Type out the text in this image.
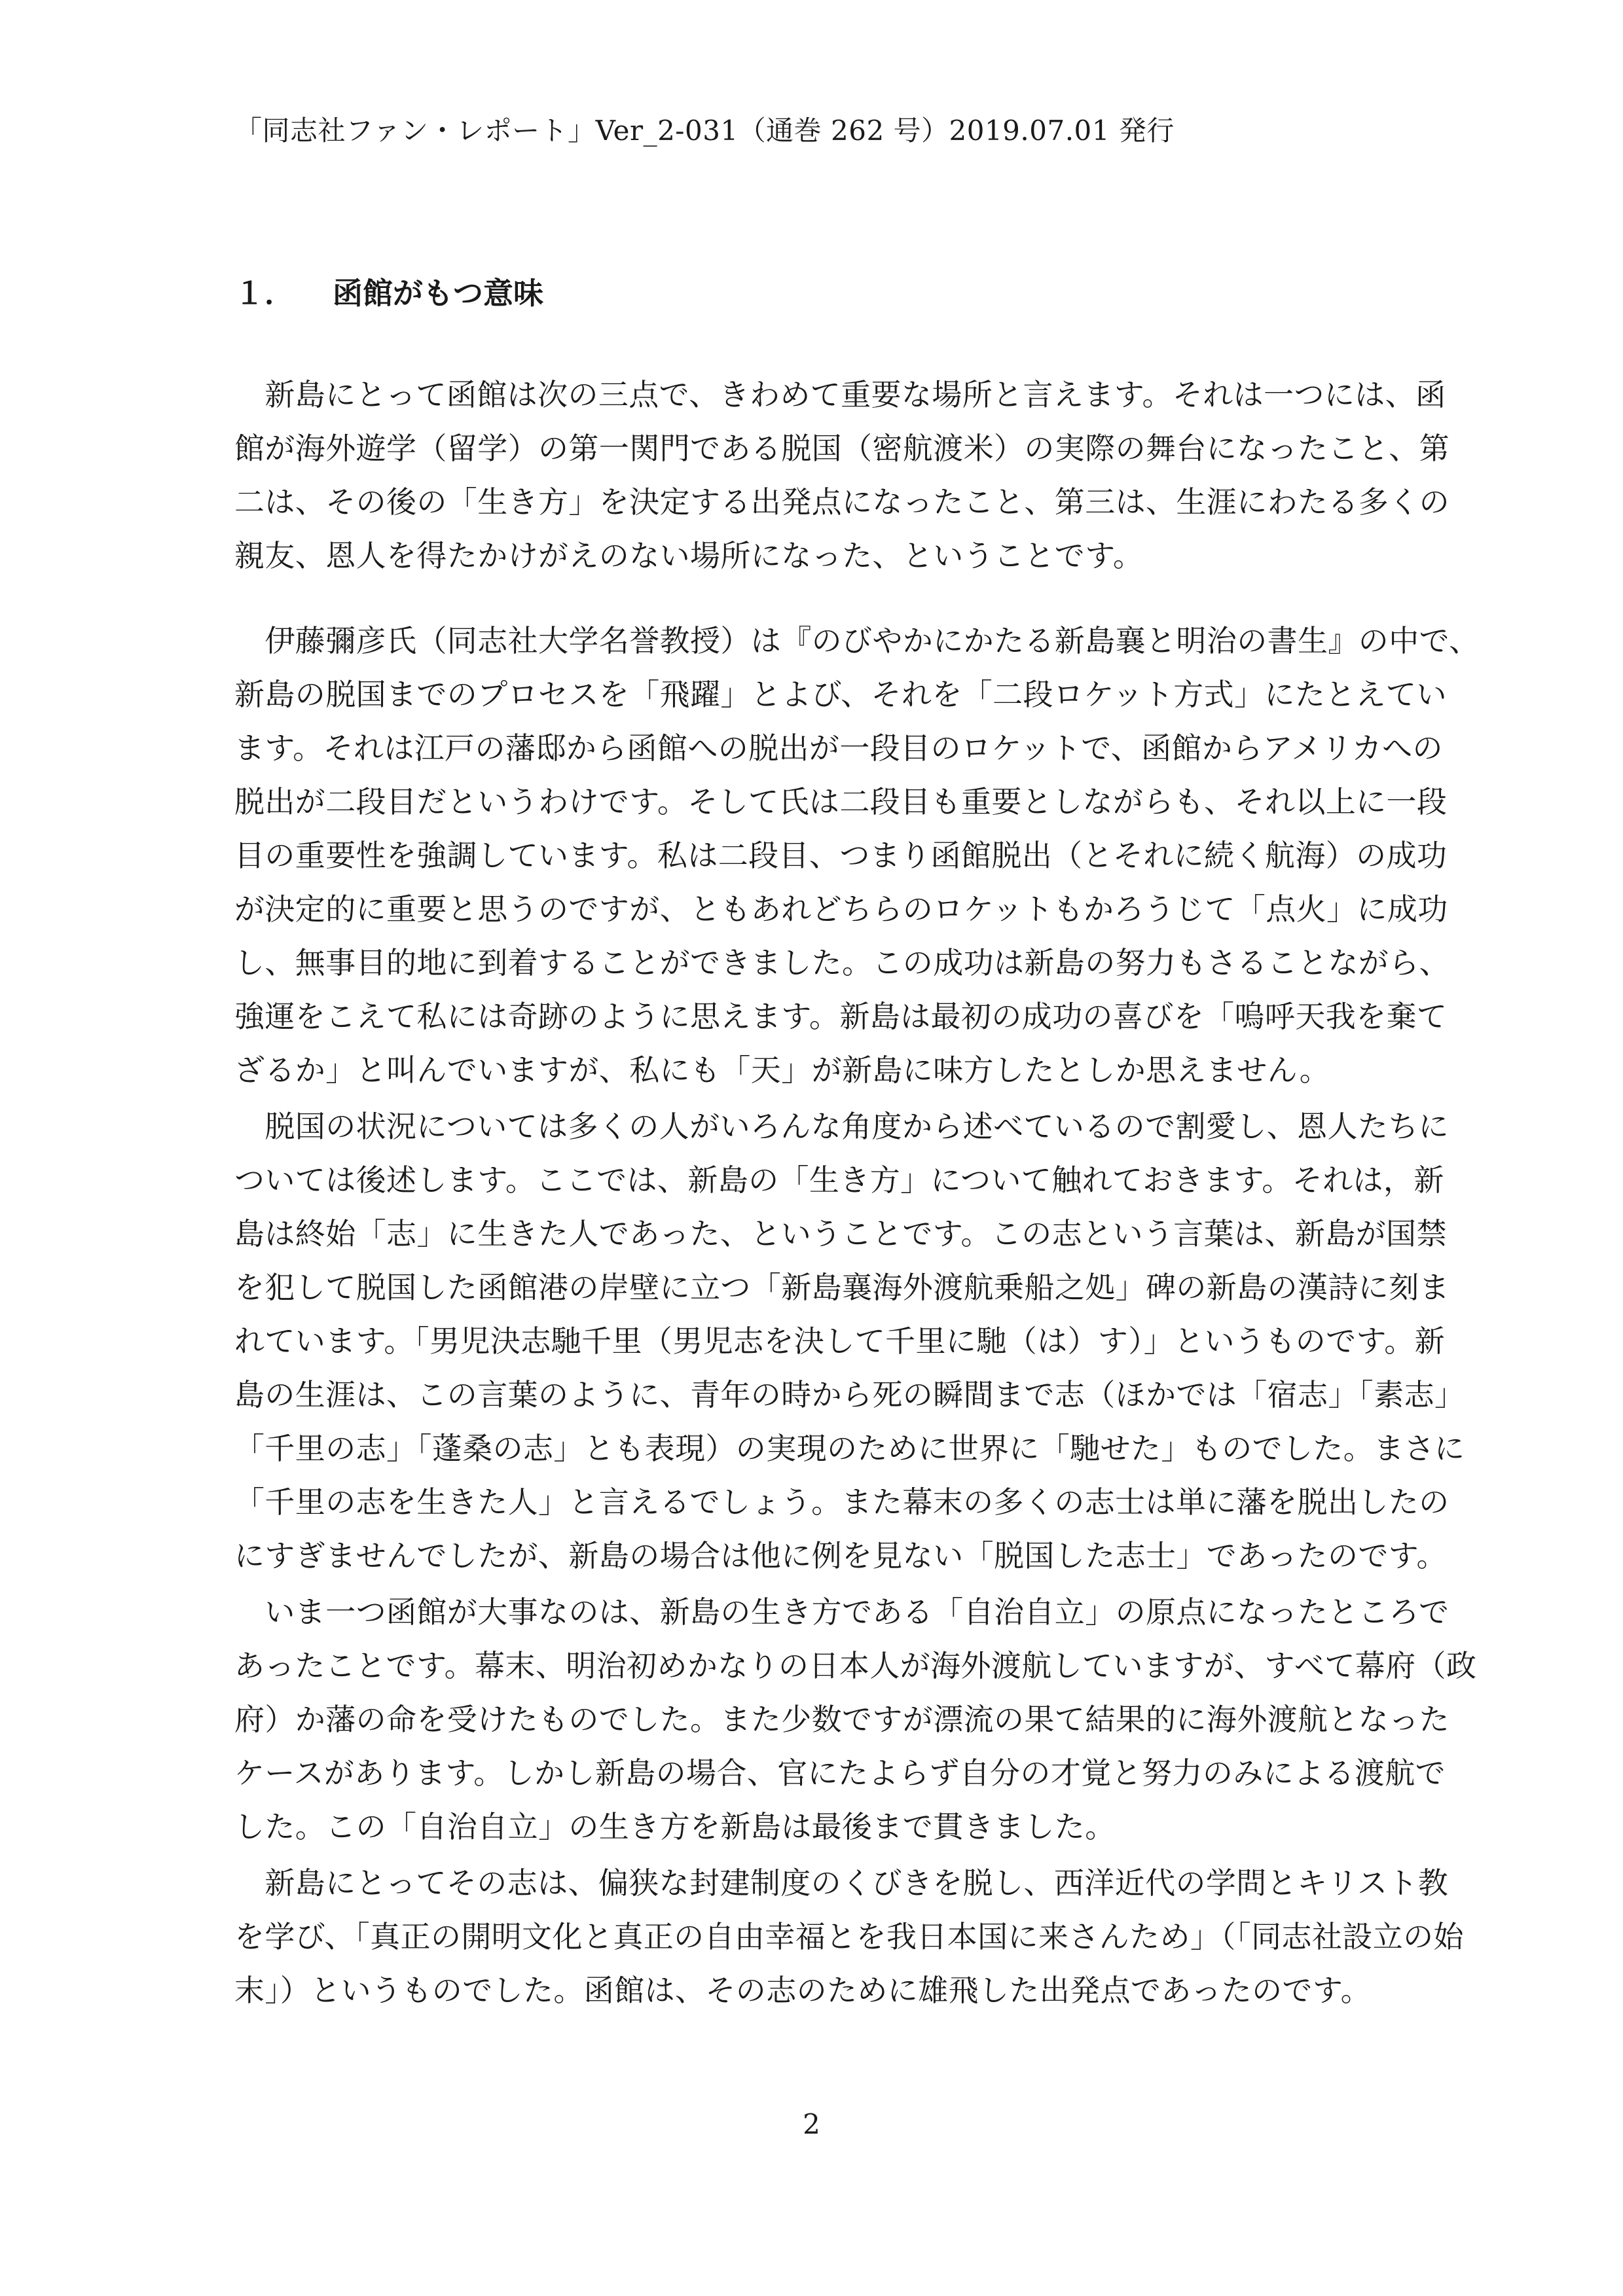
「同志社ファン・レポート」Ver_2-031（通巻 262 号）2019.07.01 発行
１． 函館がもつ意味
　新島にとって函館は次の三点で、きわめて重要な場所と言えます。それは一つには、函
館が海外遊学（留学）の第一関門である脱国（密航渡米）の実際の舞台になったこと、第
二は、その後の「生き方」を決定する出発点になったこと、第三は、生涯にわたる多くの
親友、恩人を得たかけがえのない場所になった、ということです。
　伊藤彌彦氏（同志社大学名誉教授）は『のびやかにかたる新島襄と明治の書生』の中で、
新島の脱国までのプロセスを「飛躍」とよび、それを「二段ロケット方式」にたとえてい
ます。それは江戸の藩邸から函館への脱出が一段目のロケットで、函館からアメリカへの
脱出が二段目だというわけです。そして氏は二段目も重要としながらも、それ以上に一段
目の重要性を強調しています。私は二段目、つまり函館脱出（とそれに続く航海）の成功
が決定的に重要と思うのですが、ともあれどちらのロケットもかろうじて「点火」に成功
し、無事目的地に到着することができました。この成功は新島の努力もさることながら、
強運をこえて私には奇跡のように思えます。新島は最初の成功の喜びを「嗚呼天我を棄て
ざるか」と叫んでいますが、私にも「天」が新島に味方したとしか思えません。
　脱国の状況については多くの人がいろんな角度から述べているので割愛し、恩人たちに
ついては後述します。ここでは、新島の「生き方」について触れておきます。それは，新
島は終始「志」に生きた人であった、ということです。この志という言葉は、新島が国禁
を犯して脱国した函館港の岸壁に立つ「新島襄海外渡航乗船之処」碑の新島の漢詩に刻ま
れています。「男児決志馳千里（男児志を決して千里に馳（は）す）」というものです。新
島の生涯は、この言葉のように、青年の時から死の瞬間まで志（ほかでは「宿志」「素志」
「千里の志」「蓬桑の志」とも表現）の実現のために世界に「馳せた」ものでした。まさに
「千里の志を生きた人」と言えるでしょう。また幕末の多くの志士は単に藩を脱出したの
にすぎませんでしたが、新島の場合は他に例を見ない「脱国した志士」であったのです。
　いま一つ函館が大事なのは、新島の生き方である「自治自立」の原点になったところで
あったことです。幕末、明治初めかなりの日本人が海外渡航していますが、すべて幕府（政
府）か藩の命を受けたものでした。また少数ですが漂流の果て結果的に海外渡航となった
ケースがあります。しかし新島の場合、官にたよらず自分の才覚と努力のみによる渡航で
した。この「自治自立」の生き方を新島は最後まで貫きました。
　新島にとってその志は、偏狭な封建制度のくびきを脱し、西洋近代の学問とキリスト教
を学び、「真正の開明文化と真正の自由幸福とを我日本国に来さんため」（「同志社設立の始
末」）というものでした。函館は、その志のために雄飛した出発点であったのです。
2
